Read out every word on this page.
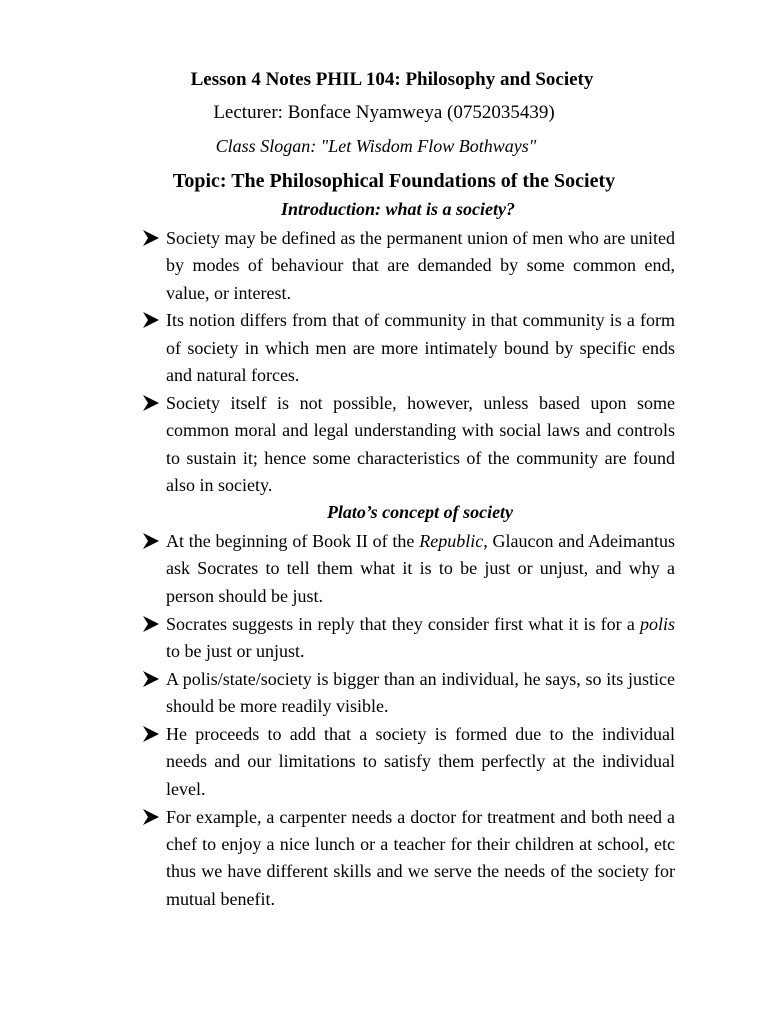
Lesson 4 Notes PHIL 104: Philosophy and Society
Lecturer: Bonface Nyamweya (0752035439)
Class Slogan: "Let Wisdom Flow Bothways"
Topic: The Philosophical Foundations of the Society
Introduction: what is a society?
Society may be defined as the permanent union of men who are united by modes of behaviour that are demanded by some common end, value, or interest.
Its notion differs from that of community in that community is a form of society in which men are more intimately bound by specific ends and natural forces.
Society itself is not possible, however, unless based upon some common moral and legal understanding with social laws and controls to sustain it; hence some characteristics of the community are found also in society.
Plato’s concept of society
At the beginning of Book II of the Republic, Glaucon and Adeimantus ask Socrates to tell them what it is to be just or unjust, and why a person should be just.
Socrates suggests in reply that they consider first what it is for a polis to be just or unjust.
A polis/state/society is bigger than an individual, he says, so its justice should be more readily visible.
He proceeds to add that a society is formed due to the individual needs and our limitations to satisfy them perfectly at the individual level.
For example, a carpenter needs a doctor for treatment and both need a chef to enjoy a nice lunch or a teacher for their children at school, etc thus we have different skills and we serve the needs of the society for mutual benefit.
